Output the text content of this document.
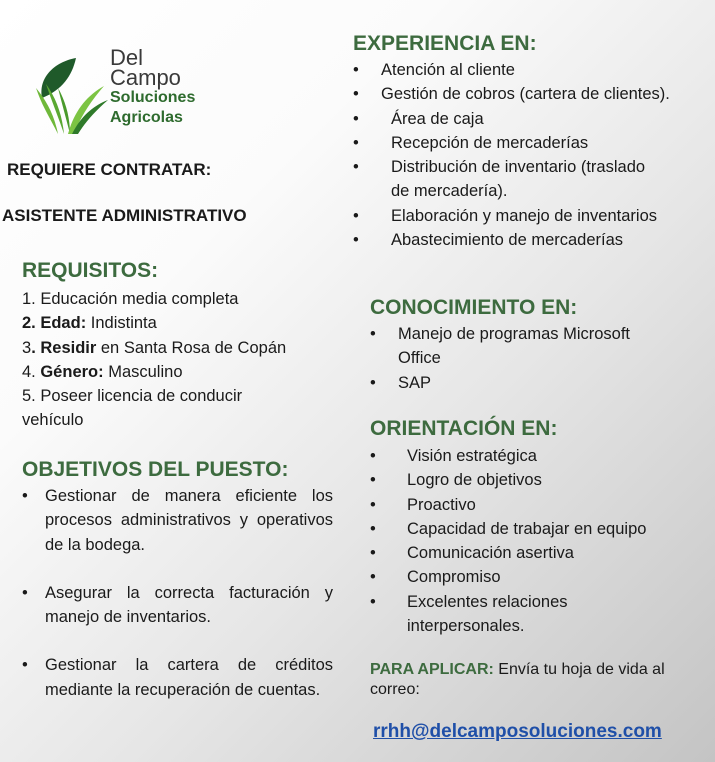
Del
Campo
Soluciones
Agricolas
REQUIERE CONTRATAR:
ASISTENTE ADMINISTRATIVO
REQUISITOS:
1. Educación media completa
2. Edad: Indistinta
3. Residir en Santa Rosa de Copán
4. Género: Masculino
5. Poseer licencia de conducir
vehículo
OBJETIVOS DEL PUESTO:
• Gestionar de manera eficiente los procesos administrativos y operativos de la bodega.
• Asegurar la correcta facturación y manejo de inventarios.
• Gestionar la cartera de créditos mediante la recuperación de cuentas.
EXPERIENCIA EN:
• Atención al cliente
• Gestión de cobros (cartera de clientes).
• Área de caja
• Recepción de mercaderías
• Distribución de inventario (traslado de mercadería).
• Elaboración y manejo de inventarios
• Abastecimiento de mercaderías
CONOCIMIENTO EN:
• Manejo de programas Microsoft Office
• SAP
ORIENTACIÓN EN:
• Visión estratégica
• Logro de objetivos
• Proactivo
• Capacidad de trabajar en equipo
• Comunicación asertiva
• Compromiso
• Excelentes relaciones interpersonales.
PARA APLICAR: Envía tu hoja de vida al correo:
rrhh@delcamposoluciones.com
